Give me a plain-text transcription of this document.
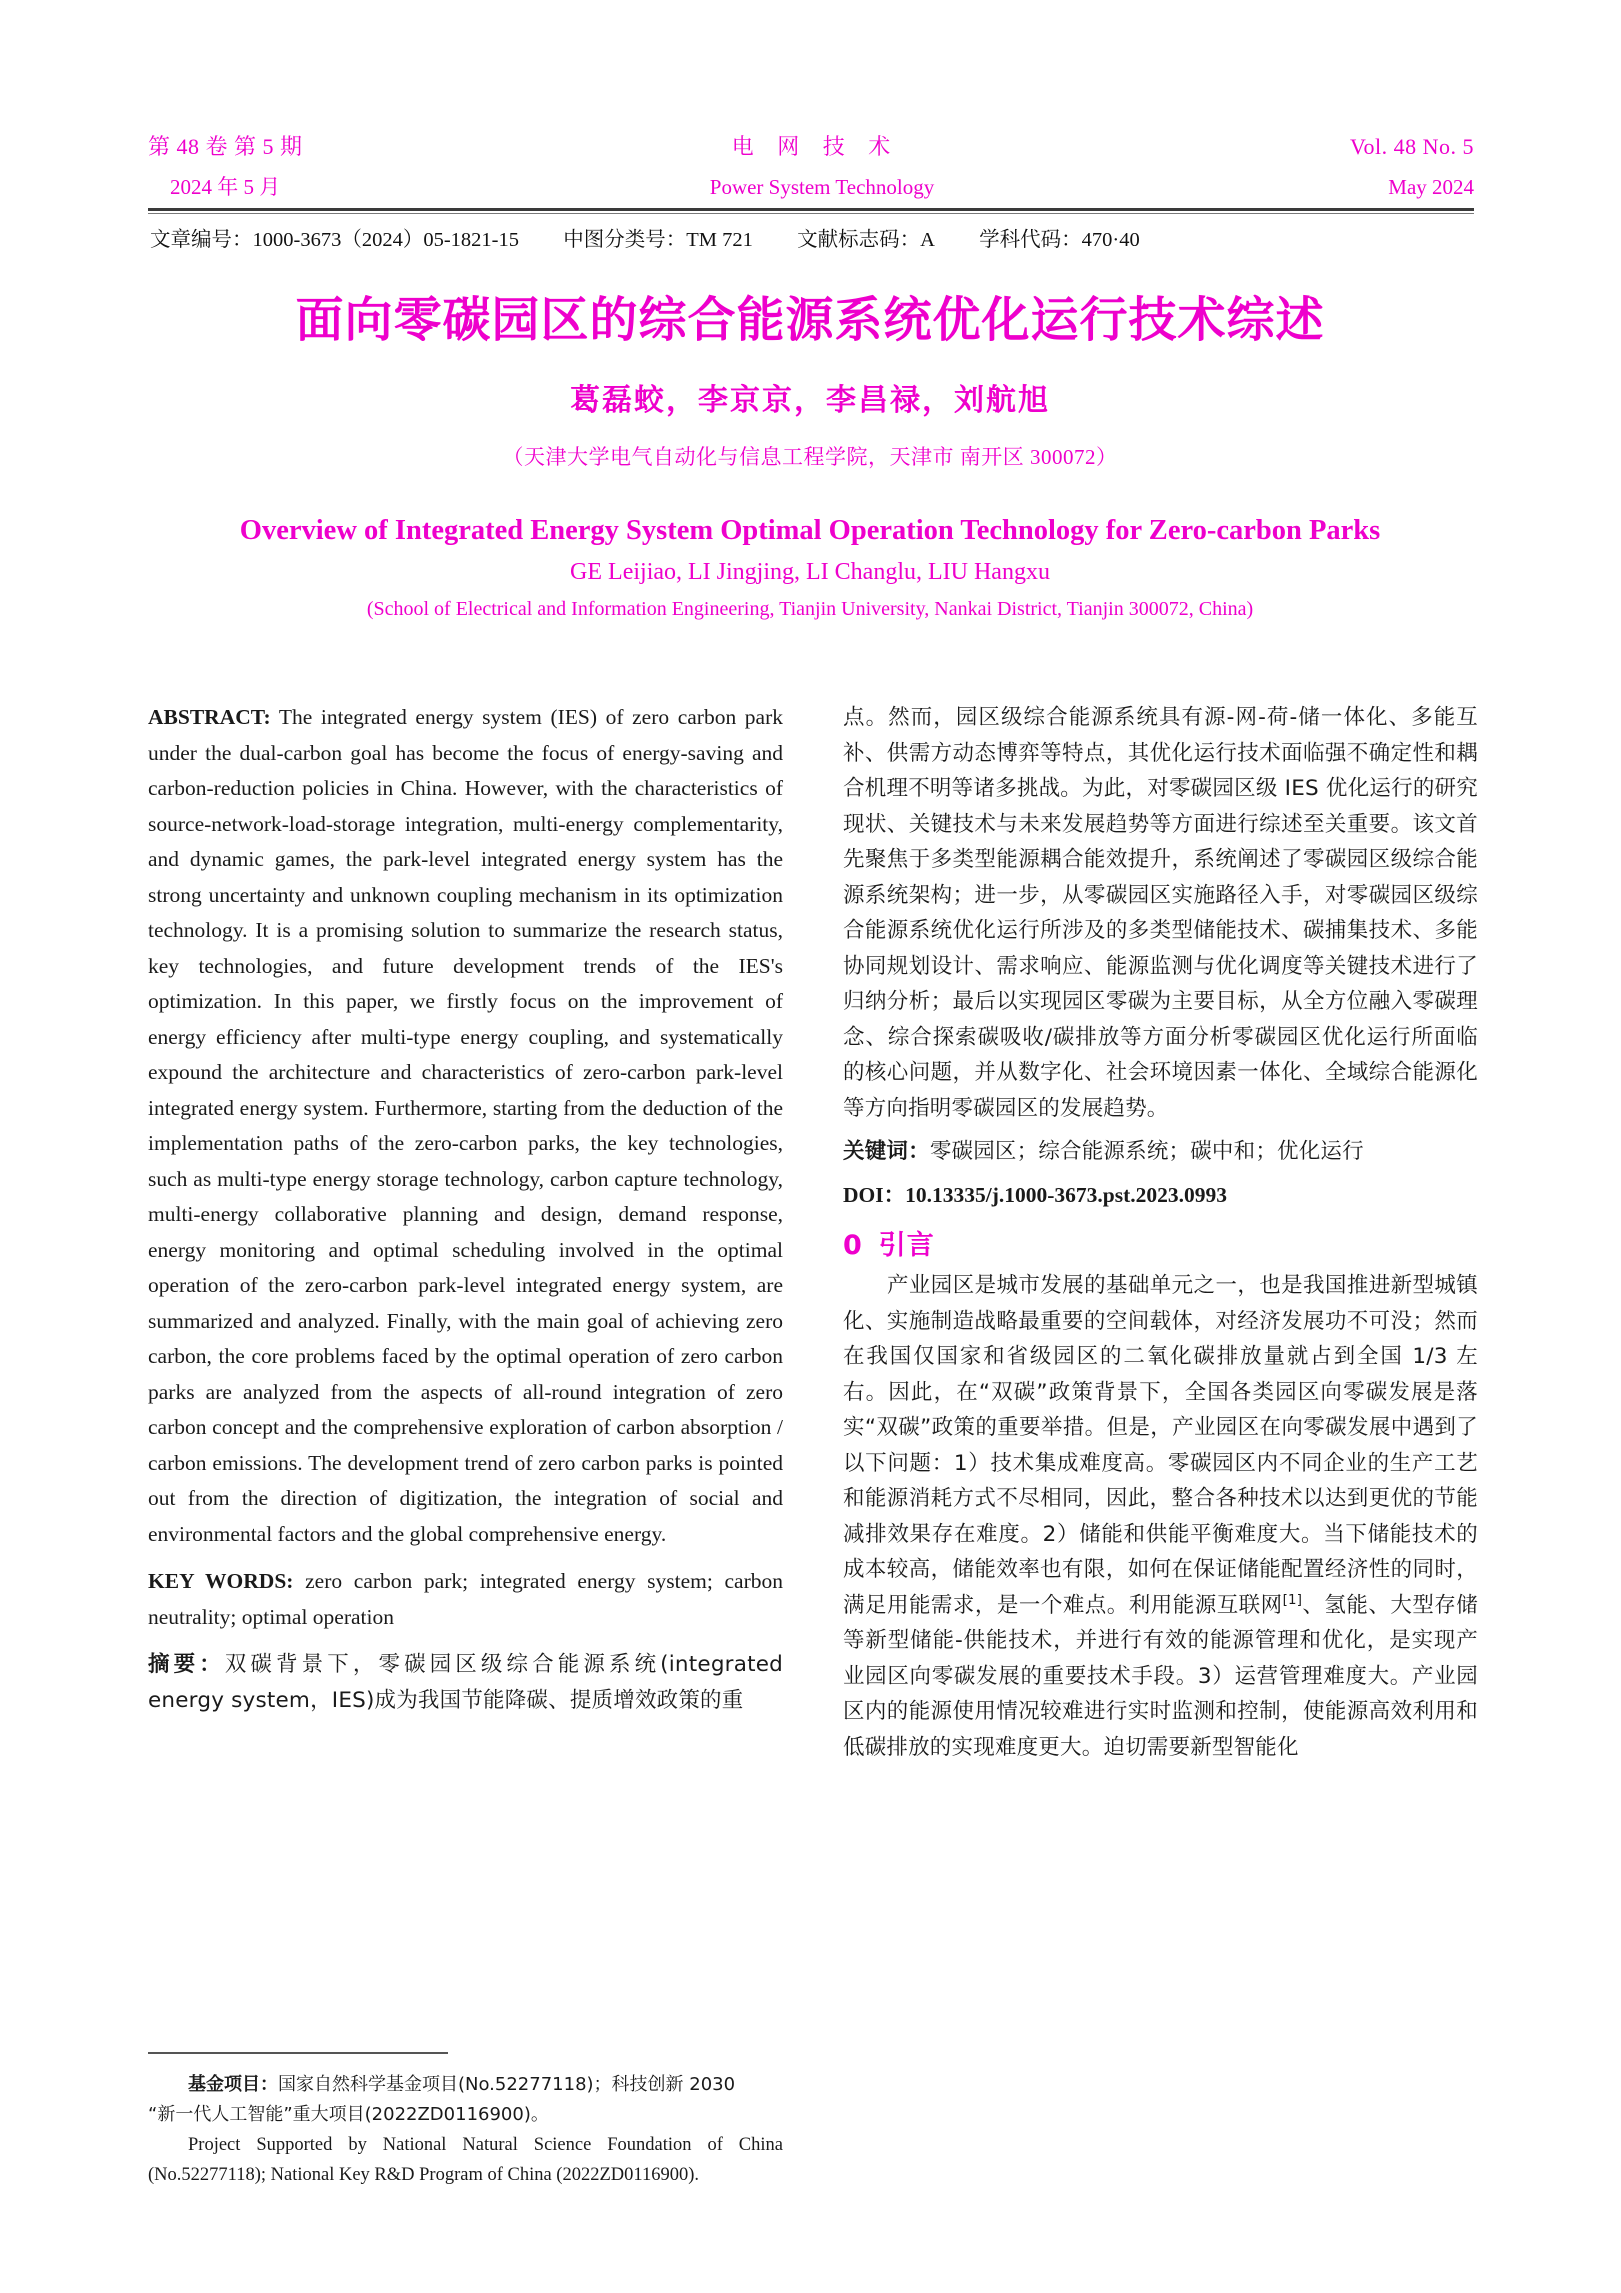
第 48 卷 第 5 期	电 网 技 术	Vol. 48 No. 5
2024 年 5 月	Power System Technology	May 2024
文章编号：1000-3673（2024）05-1821-15 中图分类号：TM 721 文献标志码：A 学科代码：470·40
面向零碳园区的综合能源系统优化运行技术综述
葛磊蛟，李京京，李昌禄，刘航旭
（天津大学电气自动化与信息工程学院，天津市 南开区 300072）
Overview of Integrated Energy System Optimal Operation Technology for Zero-carbon Parks
GE Leijiao, LI Jingjing, LI Changlu, LIU Hangxu
(School of Electrical and Information Engineering, Tianjin University, Nankai District, Tianjin 300072, China)

ABSTRACT: The integrated energy system (IES) of zero carbon park under the dual-carbon goal has become the focus of energy-saving and carbon-reduction policies in China. However, with the characteristics of source-network-load-storage integration, multi-energy complementarity, and dynamic games, the park-level integrated energy system has the strong uncertainty and unknown coupling mechanism in its optimization technology. It is a promising solution to summarize the research status, key technologies, and future development trends of the IES's optimization. In this paper, we firstly focus on the improvement of energy efficiency after multi-type energy coupling, and systematically expound the architecture and characteristics of zero-carbon park-level integrated energy system. Furthermore, starting from the deduction of the implementation paths of the zero-carbon parks, the key technologies, such as multi-type energy storage technology, carbon capture technology, multi-energy collaborative planning and design, demand response, energy monitoring and optimal scheduling involved in the optimal operation of the zero-carbon park-level integrated energy system, are summarized and analyzed. Finally, with the main goal of achieving zero carbon, the core problems faced by the optimal operation of zero carbon parks are analyzed from the aspects of all-round integration of zero carbon concept and the comprehensive exploration of carbon absorption / carbon emissions. The development trend of zero carbon parks is pointed out from the direction of digitization, the integration of social and environmental factors and the global comprehensive energy.

KEY WORDS: zero carbon park; integrated energy system; carbon neutrality; optimal operation

摘要：双碳背景下，零碳园区级综合能源系统(integrated energy system，IES)成为我国节能降碳、提质增效政策的重

点。然而，园区级综合能源系统具有源-网-荷-储一体化、多能互补、供需方动态博弈等特点，其优化运行技术面临强不确定性和耦合机理不明等诸多挑战。为此，对零碳园区级 IES 优化运行的研究现状、关键技术与未来发展趋势等方面进行综述至关重要。该文首先聚焦于多类型能源耦合能效提升，系统阐述了零碳园区级综合能源系统架构；进一步，从零碳园区实施路径入手，对零碳园区级综合能源系统优化运行所涉及的多类型储能技术、碳捕集技术、多能协同规划设计、需求响应、能源监测与优化调度等关键技术进行了归纳分析；最后以实现园区零碳为主要目标，从全方位融入零碳理念、综合探索碳吸收/碳排放等方面分析零碳园区优化运行所面临的核心问题，并从数字化、社会环境因素一体化、全域综合能源化等方向指明零碳园区的发展趋势。

关键词：零碳园区；综合能源系统；碳中和；优化运行

DOI：10.13335/j.1000-3673.pst.2023.0993

0 引言

产业园区是城市发展的基础单元之一，也是我国推进新型城镇化、实施制造战略最重要的空间载体，对经济发展功不可没；然而在我国仅国家和省级园区的二氧化碳排放量就占到全国 1/3 左右。因此，在“双碳”政策背景下，全国各类园区向零碳发展是落实“双碳”政策的重要举措。但是，产业园区在向零碳发展中遇到了以下问题：1）技术集成难度高。零碳园区内不同企业的生产工艺和能源消耗方式不尽相同，因此，整合各种技术以达到更优的节能减排效果存在难度。2）储能和供能平衡难度大。当下储能技术的成本较高，储能效率也有限，如何在保证储能配置经济性的同时，满足用能需求，是一个难点。利用能源互联网[1]、氢能、大型存储等新型储能-供能技术，并进行有效的能源管理和优化，是实现产业园区向零碳发展的重要技术手段。3）运营管理难度大。产业园区内的能源使用情况较难进行实时监测和控制，使能源高效利用和低碳排放的实现难度更大。迫切需要新型智能化

基金项目：国家自然科学基金项目(No.52277118)；科技创新 2030

“新一代人工智能”重大项目(2022ZD0116900)。

Project Supported by National Natural Science Foundation of China (No.52277118); National Key R&D Program of China (2022ZD0116900).
